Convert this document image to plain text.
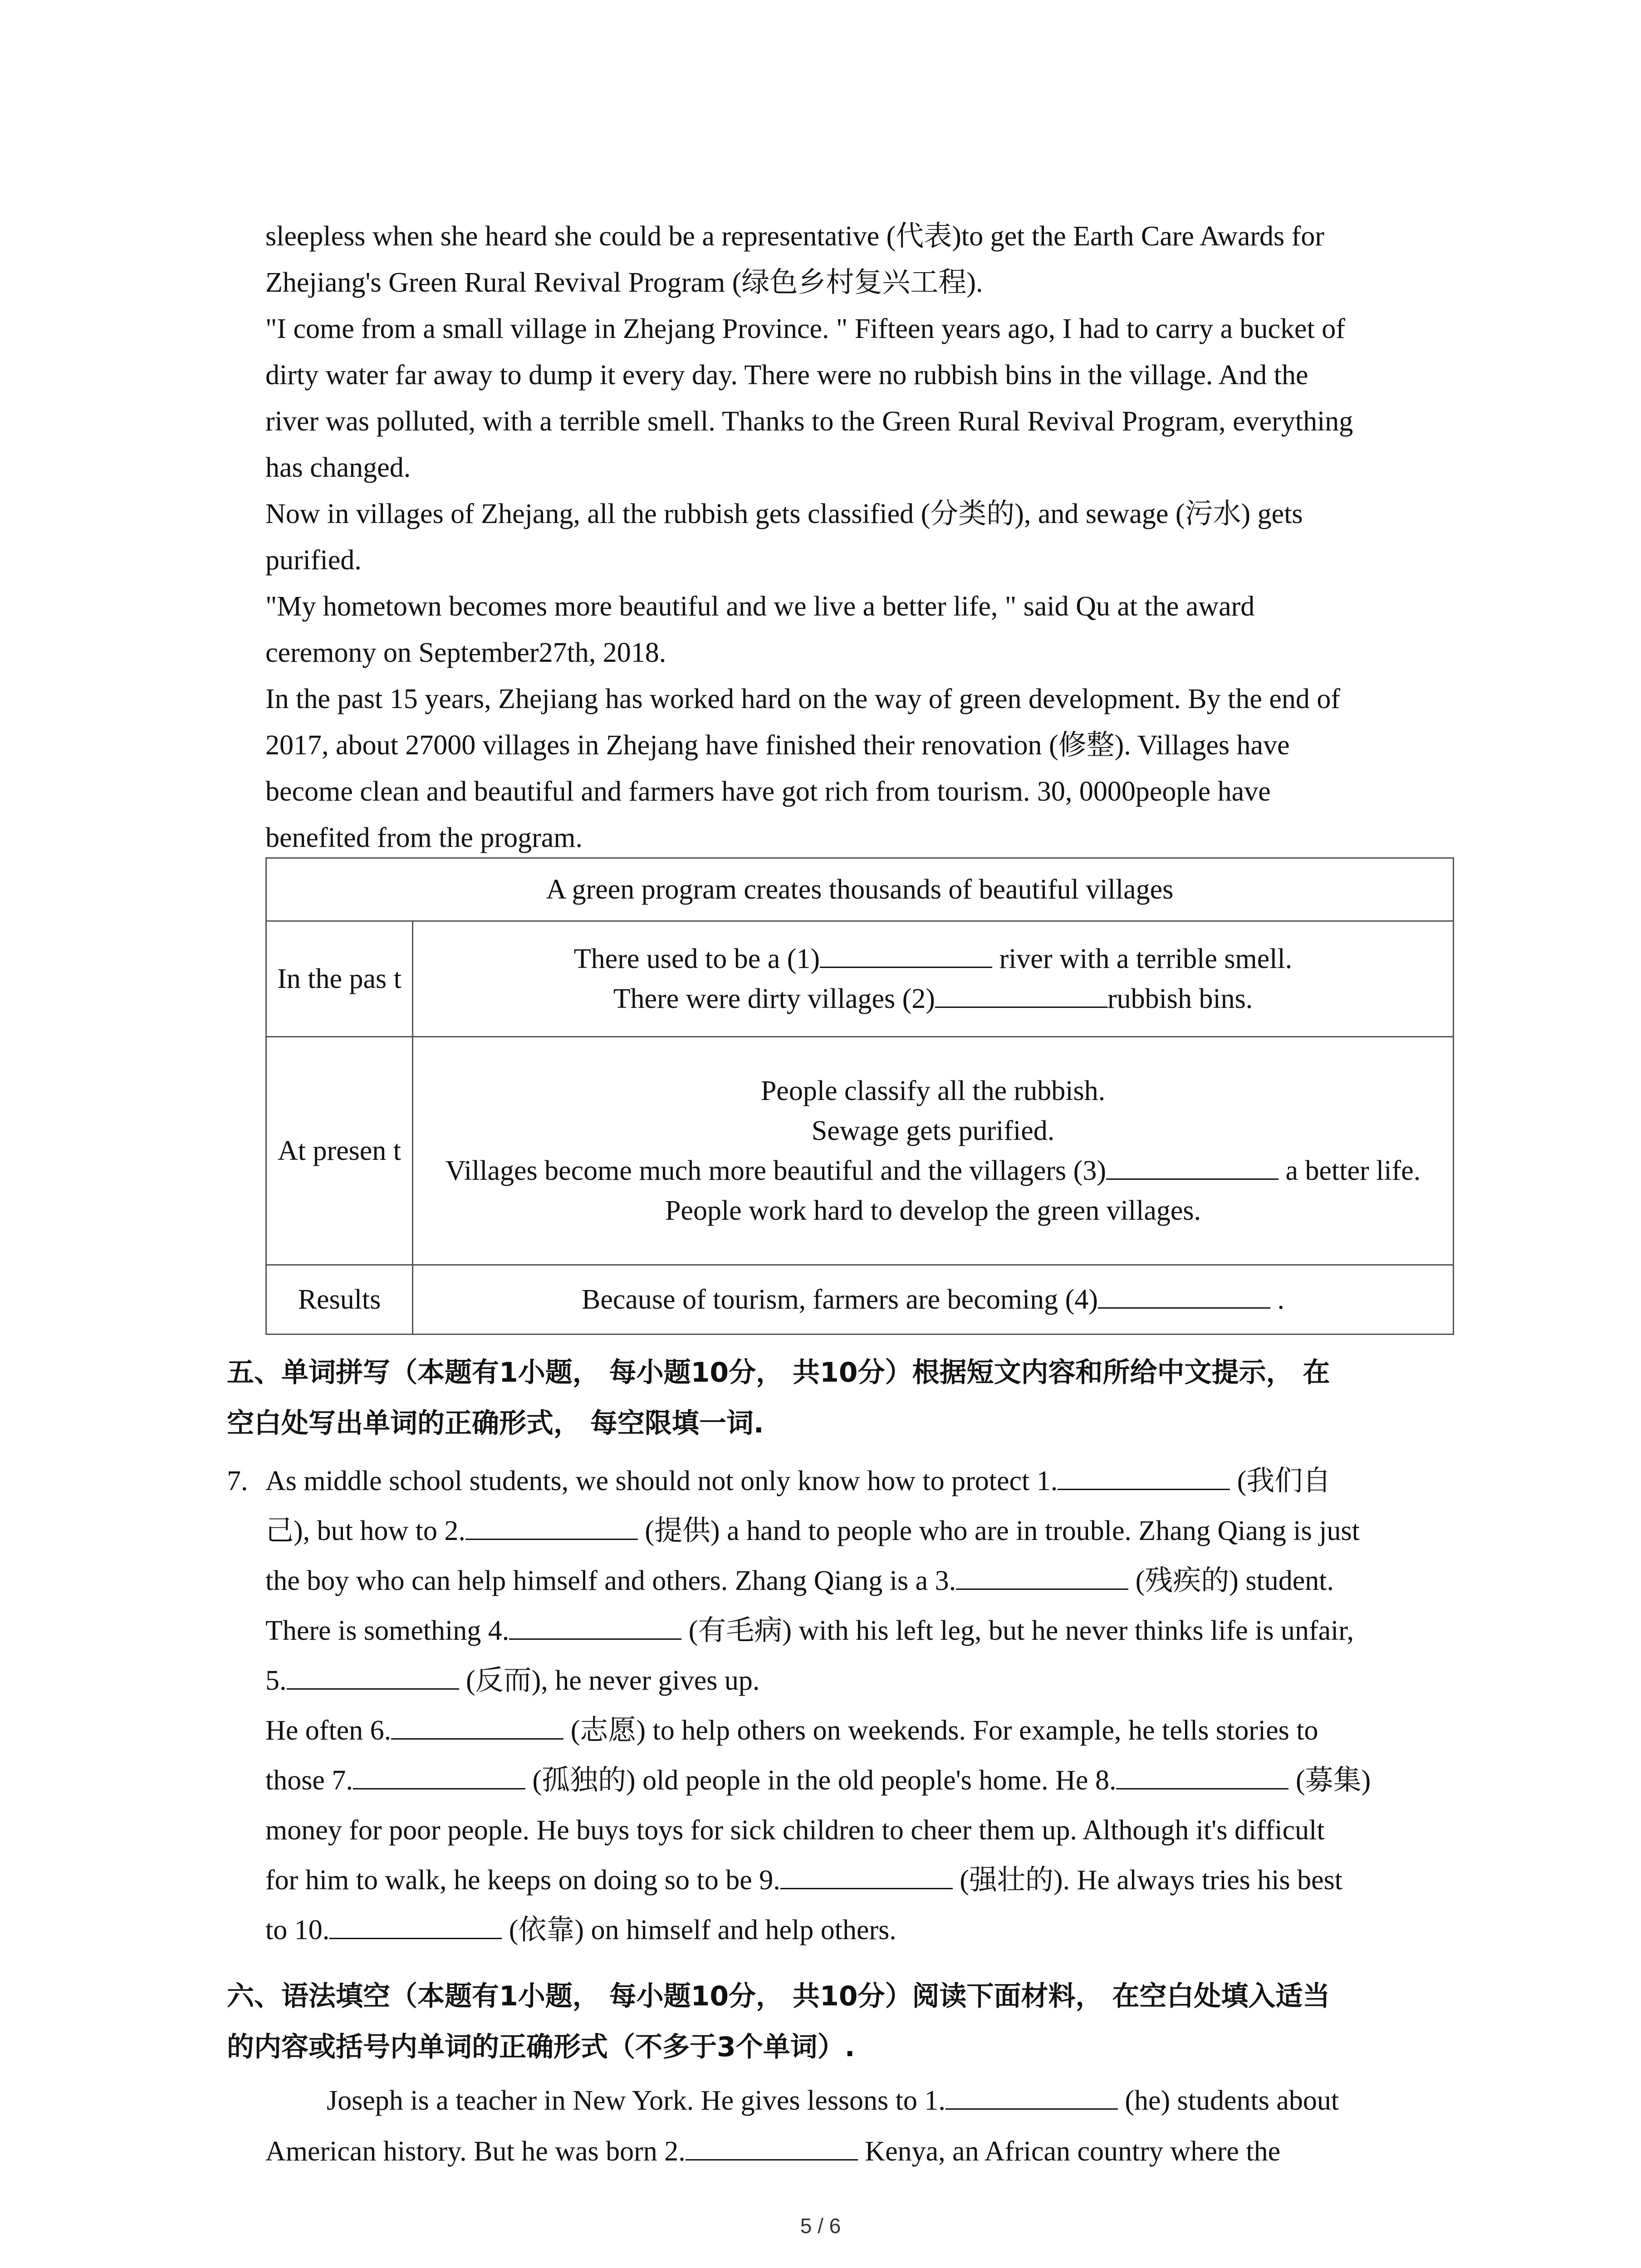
sleepless when she heard she could be a representative (代表)to get the Earth Care Awards for

Zhejiang's Green Rural Revival Program (绿色乡村复兴工程).

"I come from a small village in Zhejang Province. " Fifteen years ago, I had to carry a bucket of

dirty water far away to dump it every day. There were no rubbish bins in the village. And the

river was polluted, with a terrible smell. Thanks to the Green Rural Revival Program, everything

has changed.

Now in villages of Zhejang, all the rubbish gets classified (分类的), and sewage (污水) gets

purified.

"My hometown becomes more beautiful and we live a better life, " said Qu at the award

ceremony on September27th, 2018.

In the past 15 years, Zhejiang has worked hard on the way of green development. By the end of

2017, about 27000 villages in Zhejang have finished their renovation (修整). Villages have

become clean and beautiful and farmers have got rich from tourism. 30, 0000people have

benefited from the program.

A green program creates thousands of beautiful villages	
In the pas t	There used to be a (1) river with a terrible smell.
There were dirty villages (2) rubbish bins.

At presen t	People classify all the rubbish.
Sewage gets purified.
Villages become much more beautiful and the villagers (3) a better life.
People work hard to develop the green villages.

Results	Because of tourism, farmers are becoming (4) .
五、单词拼写（本题有1小题， 每小题10分， 共10分）根据短文内容和所给中文提示， 在
空白处写出单词的正确形式， 每空限填一词.
7. As middle school students, we should not only know how to protect 1.	(我们自
己), but how to 2.	(提供) a hand to people who are in trouble. Zhang Qiang is just
the boy who can help himself and others. Zhang Qiang is a 3.	(残疾的) student.
There is something 4.	(有毛病) with his left leg, but he never thinks life is unfair,
5.	(反而), he never gives up.
He often 6.	(志愿) to help others on weekends. For example, he tells stories to
those 7.	(孤独的) old people in the old people's home. He 8.	(募集)
money for poor people. He buys toys for sick children to cheer them up. Although it's difficult
for him to walk, he keeps on doing so to be 9.	(强壮的). He always tries his best
to 10.	(依靠) on himself and help others.
六、语法填空（本题有1小题， 每小题10分， 共10分）阅读下面材料， 在空白处填入适当
的内容或括号内单词的正确形式（不多于3个单词）.

Joseph is a teacher in New York. He gives lessons to 1.	(he) students about

American history. But he was born 2.	Kenya, an African country where the

5 / 6
